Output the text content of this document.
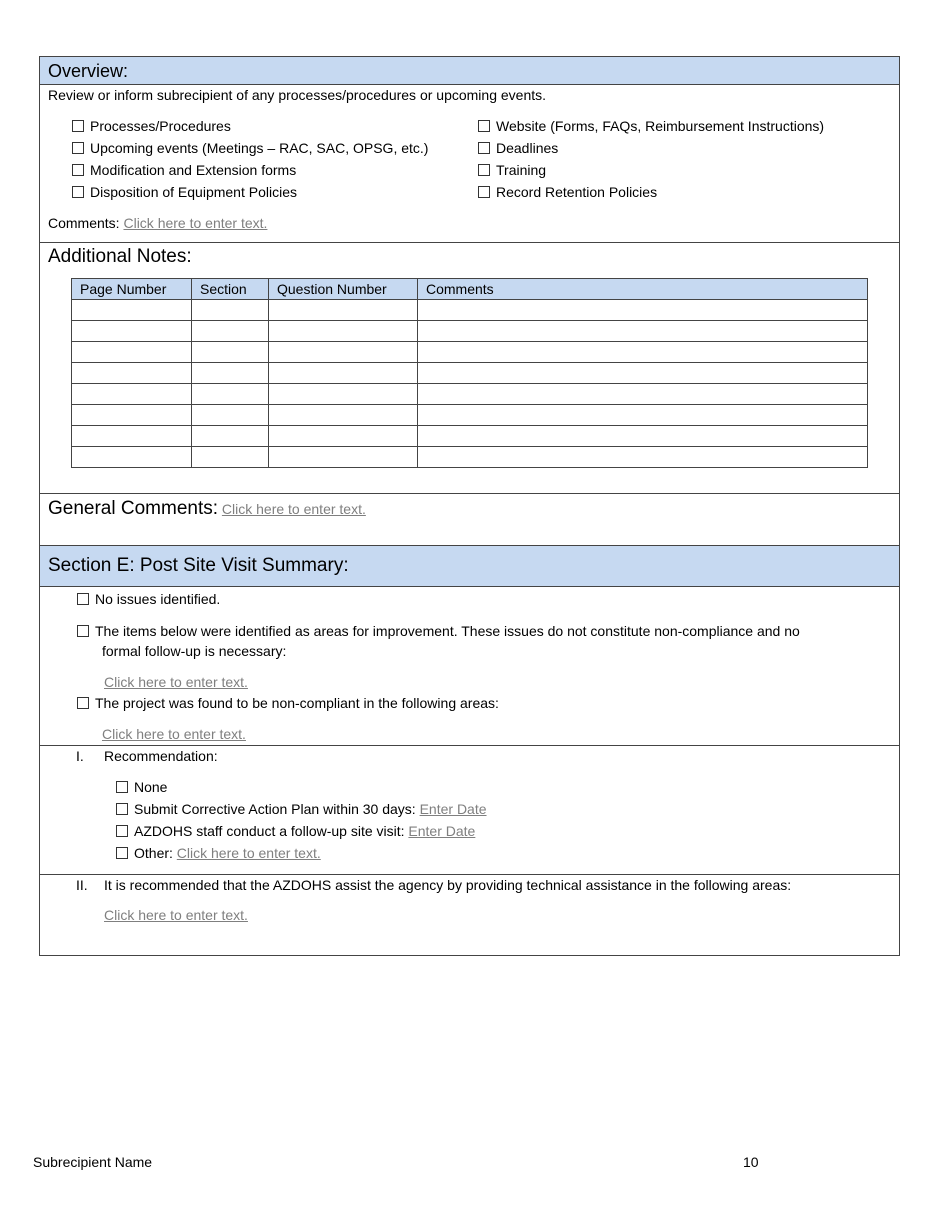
Overview:
Review or inform subrecipient of any processes/procedures or upcoming events.
Processes/Procedures
Upcoming events (Meetings – RAC, SAC, OPSG, etc.)
Modification and Extension forms
Disposition of Equipment Policies
Website (Forms, FAQs, Reimbursement Instructions)
Deadlines
Training
Record Retention Policies
Comments: Click here to enter text.
Additional Notes:
Page Number	Section	Question Number	Comments

General Comments: Click here to enter text.
Section E: Post Site Visit Summary:
No issues identified.
The items below were identified as areas for improvement. These issues do not constitute non-compliance and no
formal follow-up is necessary:
Click here to enter text.
The project was found to be non-compliant in the following areas:
Click here to enter text.
I. Recommendation:
None
Submit Corrective Action Plan within 30 days: Enter Date
AZDOHS staff conduct a follow-up site visit: Enter Date
Other: Click here to enter text.
II. It is recommended that the AZDOHS assist the agency by providing technical assistance in the following areas:
Click here to enter text.
Subrecipient Name	10
